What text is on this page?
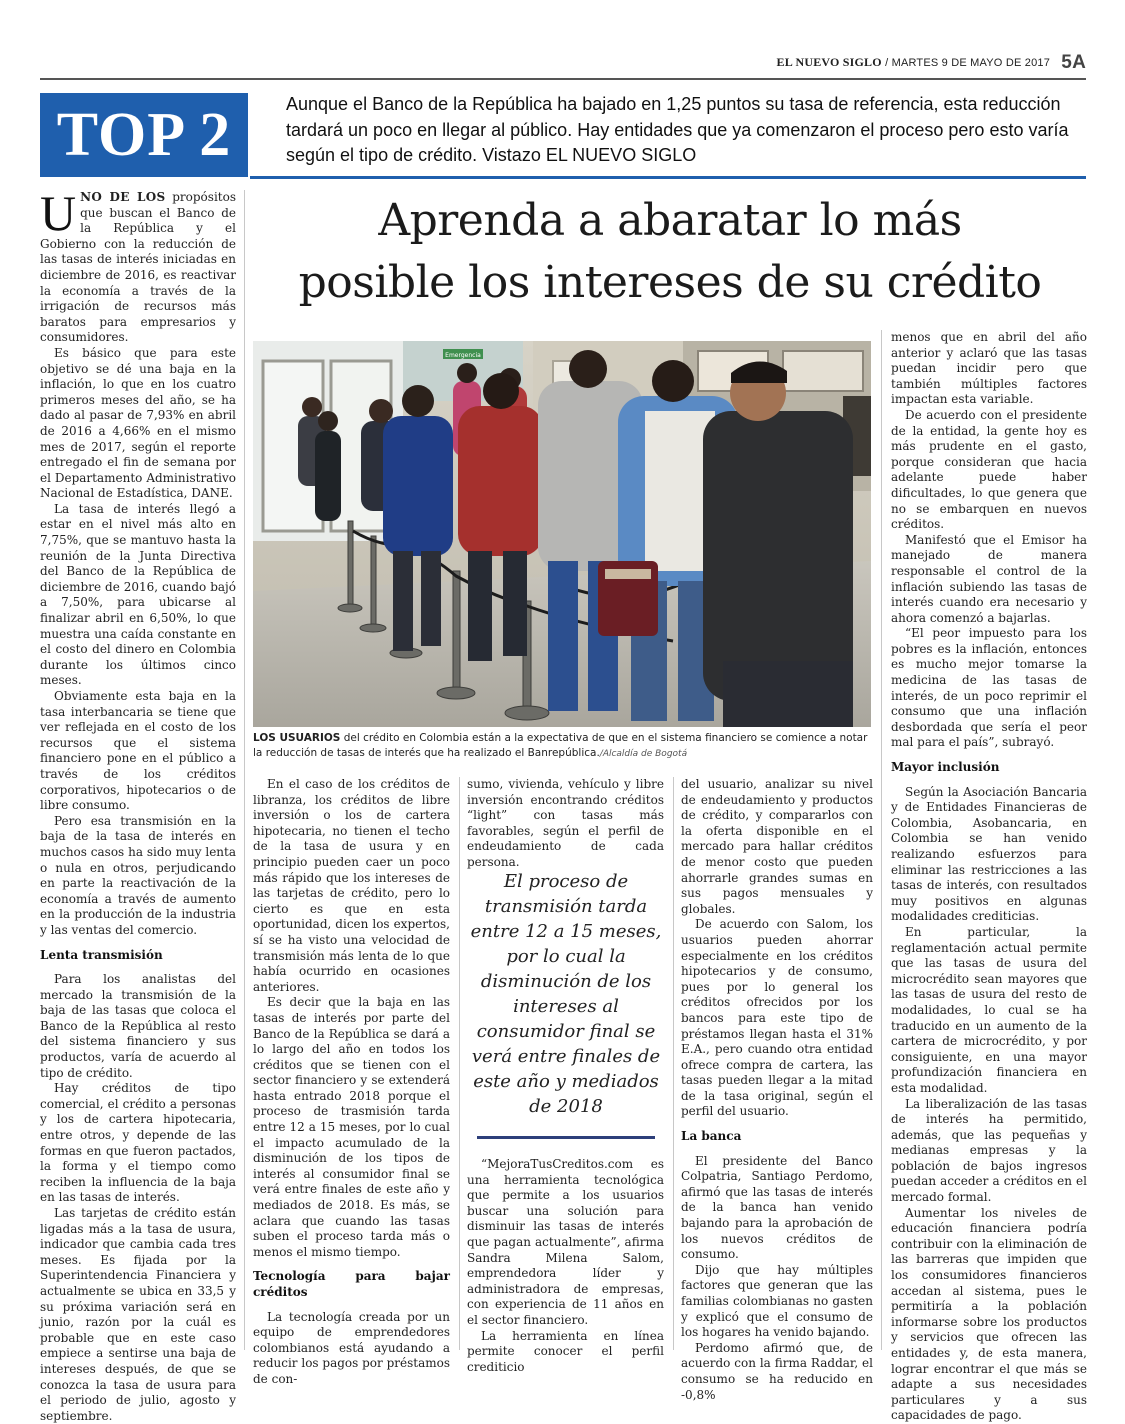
EL NUEVO SIGLO / MARTES 9 DE MAYO DE 2017 5A
TOP 2	Aunque el Banco de la República ha bajado en 1,25 puntos su tasa de referencia, esta reducción tardará un poco en llegar al público. Hay entidades que ya comenzaron el proceso pero esto varía según el tipo de crédito. Vistazo EL NUEVO SIGLO
Aprenda a abaratar lo más
posible los intereses de su crédito
Emergencia
LOS USUARIOS del crédito en Colombia están a la expectativa de que en el sistema financiero se comience a notar la reducción de tasas de interés que ha realizado el Banrepública./Alcaldía de Bogotá

UNO DE LOS propósitos que buscan el Banco de la República y el Gobierno con la reducción de las tasas de interés iniciadas en diciembre de 2016, es reactivar la economía a través de la irrigación de recursos más baratos para empresarios y consumidores.

Es básico que para este objetivo se dé una baja en la inflación, lo que en los cuatro primeros meses del año, se ha dado al pasar de 7,93% en abril de 2016 a 4,66% en el mismo mes de 2017, según el reporte entregado el fin de semana por el Departamento Administrativo Nacional de Estadística, DANE.

La tasa de interés llegó a estar en el nivel más alto en 7,75%, que se mantuvo hasta la reunión de la Junta Directiva del Banco de la República de diciembre de 2016, cuando bajó a 7,50%, para ubicarse al finalizar abril en 6,50%, lo que muestra una caída constante en el costo del dinero en Colombia durante los últimos cinco meses.

Obviamente esta baja en la tasa interbancaria se tiene que ver reflejada en el costo de los recursos que el sistema financiero pone en el público a través de los créditos corporativos, hipotecarios o de libre consumo.

Pero esa transmisión en la baja de la tasa de interés en muchos casos ha sido muy lenta o nula en otros, perjudicando en parte la reactivación de la economía a través de aumento en la producción de la industria y las ventas del comercio.

Lenta transmisión

Para los analistas del mercado la transmisión de la baja de las tasas que coloca el Banco de la República al resto del sistema financiero y sus productos, varía de acuerdo al tipo de crédito.

Hay créditos de tipo comercial, el crédito a personas y los de cartera hipotecaria, entre otros, y depende de las formas en que fueron pactados, la forma y el tiempo como reciben la influencia de la baja en las tasas de interés.

Las tarjetas de crédito están ligadas más a la tasa de usura, indicador que cambia cada tres meses. Es fijada por la Superintendencia Financiera y actualmente se ubica en 33,5 y su próxima variación será en junio, razón por la cuál es probable que en este caso empiece a sentirse una baja de intereses después, de que se conozca la tasa de usura para el periodo de julio, agosto y septiembre.

En el caso de los créditos de libranza, los créditos de libre inversión o los de cartera hipotecaria, no tienen el techo de la tasa de usura y en principio pueden caer un poco más rápido que los intereses de las tarjetas de crédito, pero lo cierto es que en esta oportunidad, dicen los expertos, sí se ha visto una velocidad de transmisión más lenta de lo que había ocurrido en ocasiones anteriores.

Es decir que la baja en las tasas de interés por parte del Banco de la República se dará a lo largo del año en todos los créditos que se tienen con el sector financiero y se extenderá hasta entrado 2018 porque el proceso de trasmisión tarda entre 12 a 15 meses, por lo cual el impacto acumulado de la disminución de los tipos de interés al consumidor final se verá entre finales de este año y mediados de 2018. Es más, se aclara que cuando las tasas suben el proceso tarda más o menos el mismo tiempo.

Tecnología para bajar créditos

La tecnología creada por un equipo de emprendedores colombianos está ayudando a reducir los pagos por préstamos de con-

sumo, vivienda, vehículo y libre inversión encontrando créditos “light” con tasas más favorables, según el perfil de endeudamiento de cada persona.

El proceso de transmisión tarda entre 12 a 15 meses, por lo cual la disminución de los intereses al consumidor final se verá entre finales de este año y mediados de 2018

“MejoraTusCreditos.com es una herramienta tecnológica que permite a los usuarios buscar una solución para disminuir las tasas de interés que pagan actualmente”, afirma Sandra Milena Salom, emprendedora líder y administradora de empresas, con experiencia de 11 años en el sector financiero.

La herramienta en línea permite conocer el perfil crediticio

del usuario, analizar su nivel de endeudamiento y productos de crédito, y compararlos con la oferta disponible en el mercado para hallar créditos de menor costo que pueden ahorrarle grandes sumas en sus pagos mensuales y globales.

De acuerdo con Salom, los usuarios pueden ahorrar especialmente en los créditos hipotecarios y de consumo, pues por lo general los créditos ofrecidos por los bancos para este tipo de préstamos llegan hasta el 31% E.A., pero cuando otra entidad ofrece compra de cartera, las tasas pueden llegar a la mitad de la tasa original, según el perfil del usuario.

La banca

El presidente del Banco Colpatria, Santiago Perdomo, afirmó que las tasas de interés de la banca han venido bajando para la aprobación de los nuevos créditos de consumo.

Dijo que hay múltiples factores que generan que las familias colombianas no gasten y explicó que el consumo de los hogares ha venido bajando.

Perdomo afirmó que, de acuerdo con la firma Raddar, el consumo se ha reducido en -0,8%

menos que en abril del año anterior y aclaró que las tasas puedan incidir pero que también múltiples factores impactan esta variable.

De acuerdo con el presidente de la entidad, la gente hoy es más prudente en el gasto, porque consideran que hacia adelante puede haber dificultades, lo que genera que no se embarquen en nuevos créditos.

Manifestó que el Emisor ha manejado de manera responsable el control de la inflación subiendo las tasas de interés cuando era necesario y ahora comenzó a bajarlas.

“El peor impuesto para los pobres es la inflación, entonces es mucho mejor tomarse la medicina de las tasas de interés, de un poco reprimir el consumo que una inflación desbordada que sería el peor mal para el país”, subrayó.

Mayor inclusión

Según la Asociación Bancaria y de Entidades Financieras de Colombia, Asobancaria, en Colombia se han venido realizando esfuerzos para eliminar las restricciones a las tasas de interés, con resultados muy positivos en algunas modalidades crediticias.

En particular, la reglamentación actual permite que las tasas de usura del microcrédito sean mayores que las tasas de usura del resto de modalidades, lo cual se ha traducido en un aumento de la cartera de microcrédito, y por consiguiente, en una mayor profundización financiera en esta modalidad.

La liberalización de las tasas de interés ha permitido, además, que las pequeñas y medianas empresas y la población de bajos ingresos puedan acceder a créditos en el mercado formal.

Aumentar los niveles de educación financiera podría contribuir con la eliminación de las barreras que impiden que los consumidores financieros accedan al sistema, pues le permitiría a la población informarse sobre los productos y servicios que ofrecen las entidades y, de esta manera, lograr encontrar el que más se adapte a sus necesidades particulares y a sus capacidades de pago.
